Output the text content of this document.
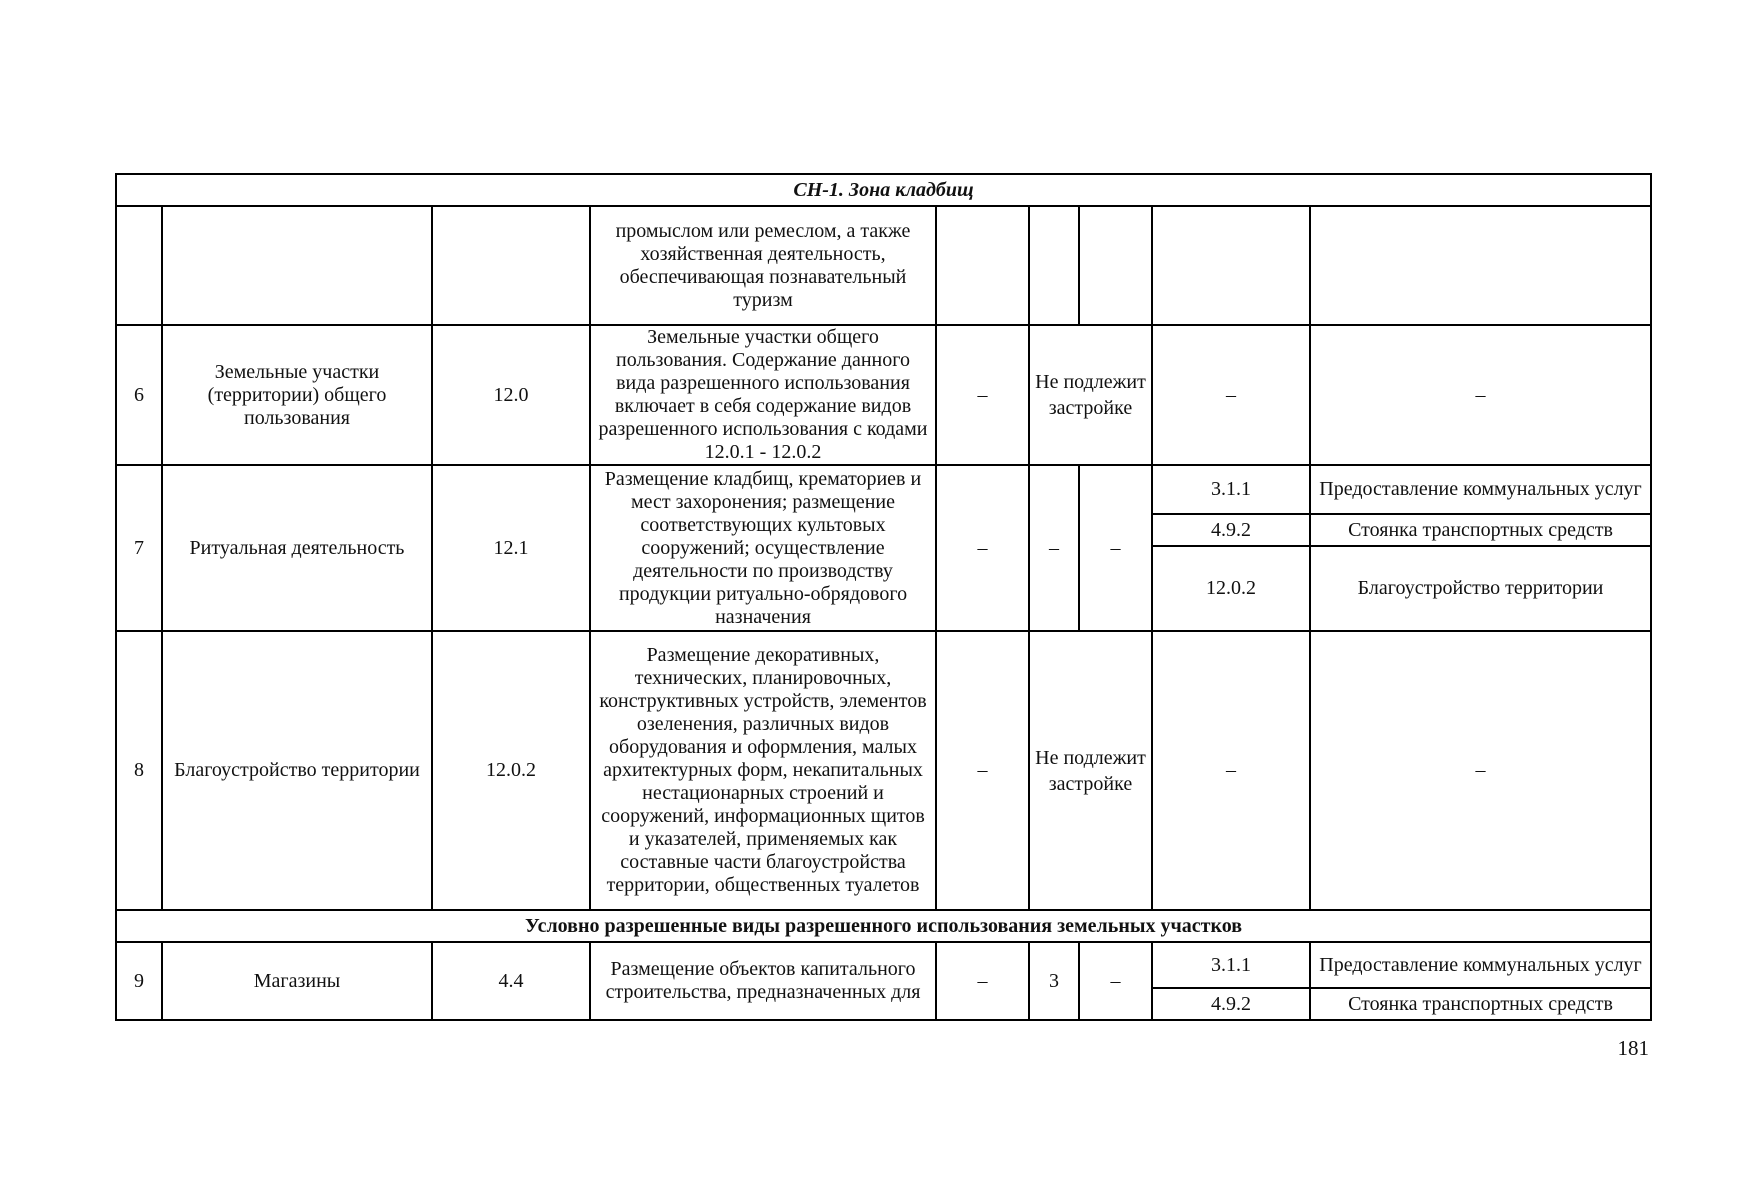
СН-1. Зона кладбищ								
			промыслом или ремеслом, а также хозяйственная деятельность, обеспечивающая познавательный туризм					
6	Земельные участки (территории) общего пользования	12.0	Земельные участки общего пользования. Содержание данного вида разрешенного использования включает в себя содержание видов разрешенного использования с кодами 12.0.1 - 12.0.2	–	Не подлежит застройке		–	–
7	Ритуальная деятельность	12.1	Размещение кладбищ, крематориев и мест захоронения; размещение соответствующих культовых сооружений; осуществление деятельности по производству продукции ритуально-обрядового назначения	–	–	–	3.1.1	Предоставление коммунальных услуг
							4.9.2	Стоянка транспортных средств
							12.0.2	Благоустройство территории
8	Благоустройство территории	12.0.2	Размещение декоративных, технических, планировочных, конструктивных устройств, элементов озеленения, различных видов оборудования и оформления, малых архитектурных форм, некапитальных нестационарных строений и сооружений, информационных щитов и указателей, применяемых как составные части благоустройства территории, общественных туалетов	–	Не подлежит застройке		–	–
Условно разрешенные виды разрешенного использования земельных участков								
9	Магазины	4.4	Размещение объектов капитального строительства, предназначенных для	–	3	–	3.1.1	Предоставление коммунальных услуг
							4.9.2	Стоянка транспортных средств
181
